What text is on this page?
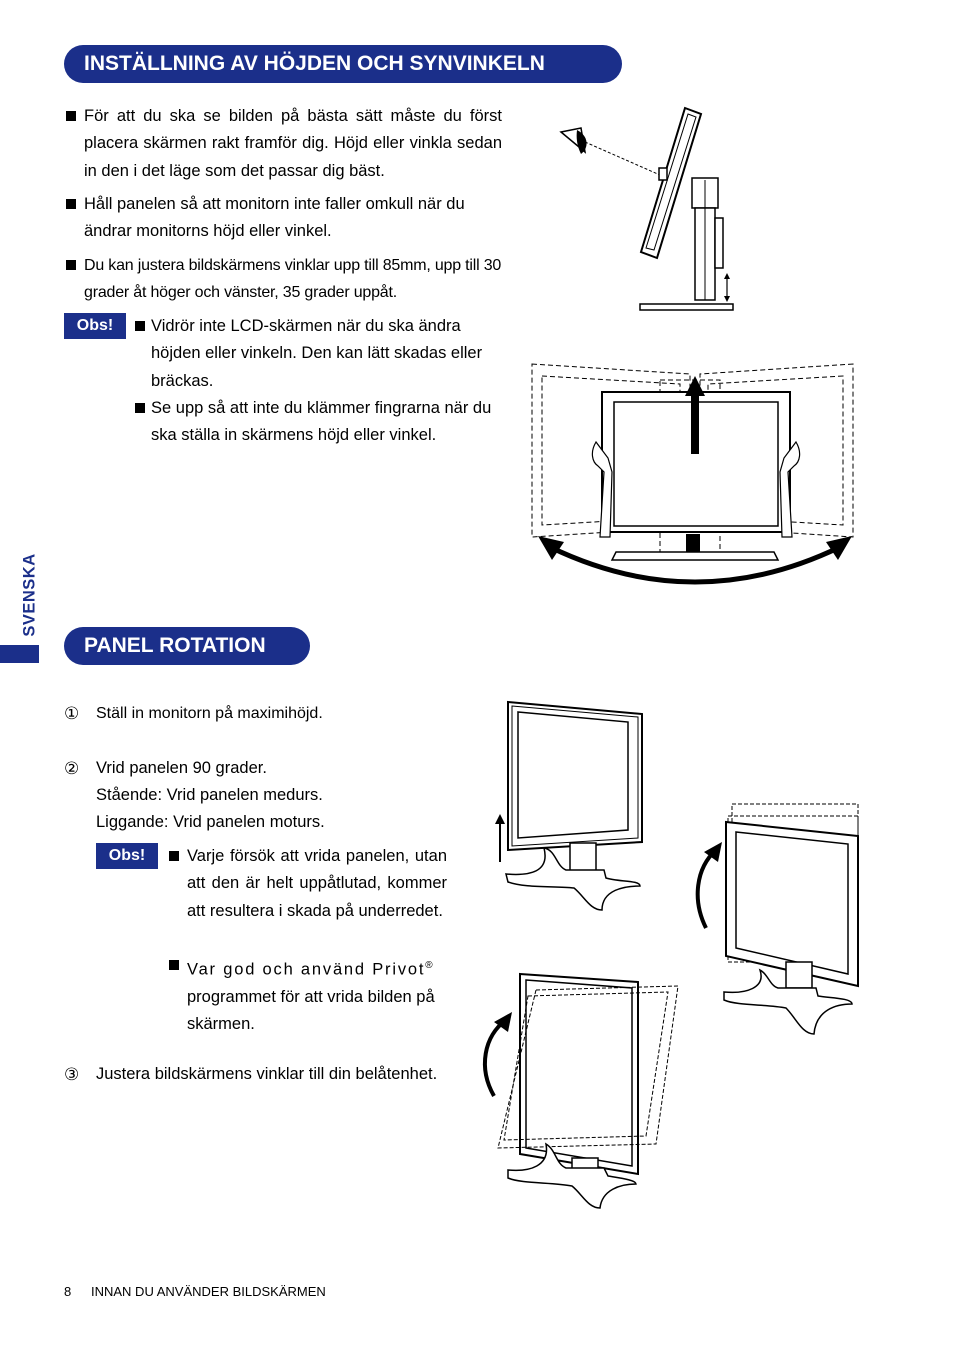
INSTÄLLNING AV HÖJDEN OCH SYNVINKELN
För att du ska se bilden på bästa sätt måste du först placera skärmen rakt framför dig. Höjd eller vinkla sedan in den i det läge som det passar dig bäst.
Håll panelen så att monitorn inte faller omkull när du ändrar monitorns höjd eller vinkel.
Du kan justera bildskärmens vinklar upp till 85mm, upp till 30 grader åt höger och vänster, 35 grader uppåt.
Obs!	Vidrör inte LCD-skärmen när du ska ändra höjden eller vinkeln. Den kan lätt skadas eller bräckas.
Se upp så att inte du klämmer fingrarna när du ska ställa in skärmens höjd eller vinkel.
SVENSKA
PANEL ROTATION
① Ställ in monitorn på maximihöjd.
② Vrid panelen 90 grader.
Stående: Vrid panelen medurs.
Liggande: Vrid panelen moturs.
Obs!	Varje försök att vrida panelen, utan att den är helt uppåtlutad, kommer att resultera i skada på underredet.
Var god och använd Privot® programmet för att vrida bilden på skärmen.
③ Justera bildskärmens vinklar till din belåtenhet.
8 INNAN DU ANVÄNDER BILDSKÄRMEN
